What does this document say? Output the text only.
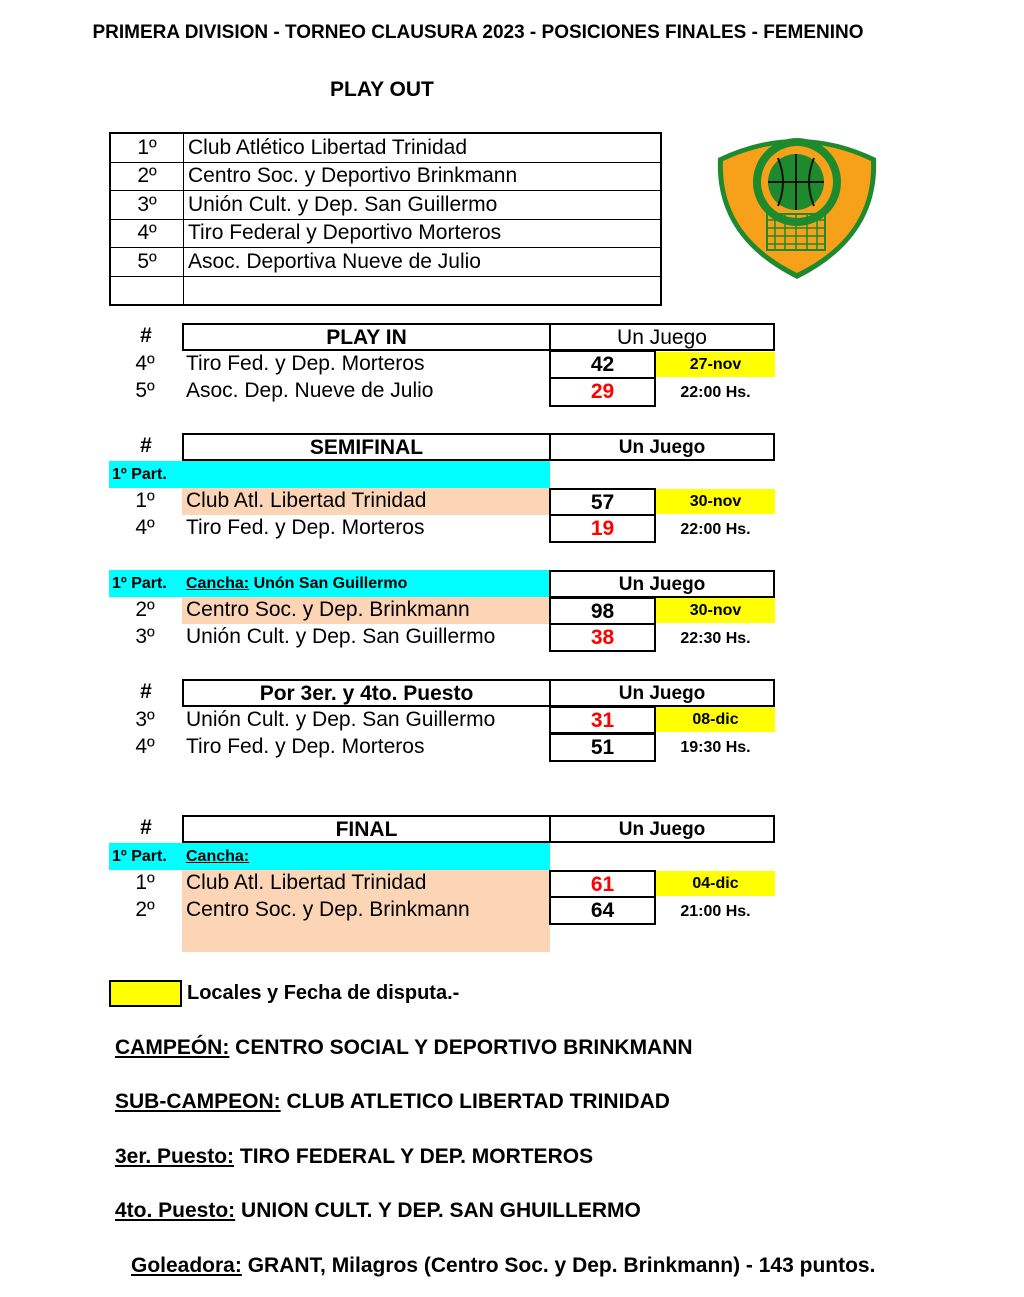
PRIMERA DIVISION - TORNEO CLAUSURA 2023 - POSICIONES FINALES - FEMENINO
PLAY OUT
1º	Club Atlético Libertad Trinidad
2º	Centro Soc. y Deportivo Brinkmann
3º	Unión Cult. y Dep. San Guillermo
4º	Tiro Federal y Deportivo Morteros
5º	Asoc. Deportiva Nueve de Julio

#	PLAY IN	Un Juego
4º	Tiro Fed. y Dep. Morteros	42	27-nov
5º	Asoc. Dep. Nueve de Julio	29	22:00 Hs.
#	SEMIFINAL	Un Juego
1º Part.
1º	Club Atl. Libertad Trinidad	57	30-nov
4º	Tiro Fed. y Dep. Morteros	19	22:00 Hs.
1º Part. Cancha: Unón San Guillermo	Un Juego
2º	Centro Soc. y Dep. Brinkmann	98	30-nov
3º	Unión Cult. y Dep. San Guillermo	38	22:30 Hs.
#	Por 3er. y 4to. Puesto	Un Juego
3º	Unión Cult. y Dep. San Guillermo	31	08-dic
4º	Tiro Fed. y Dep. Morteros	51	19:30 Hs.
#	FINAL	Un Juego
1º Part. Cancha:
1º	Club Atl. Libertad Trinidad	61	04-dic
2º	Centro Soc. y Dep. Brinkmann	64	21:00 Hs.
Locales y Fecha de disputa.-
CAMPEÓN: CENTRO SOCIAL Y DEPORTIVO BRINKMANN
SUB-CAMPEON: CLUB ATLETICO LIBERTAD TRINIDAD
3er. Puesto: TIRO FEDERAL Y DEP. MORTEROS
4to. Puesto: UNION CULT. Y DEP. SAN GHUILLERMO
Goleadora: GRANT, Milagros (Centro Soc. y Dep. Brinkmann) - 143 puntos.
